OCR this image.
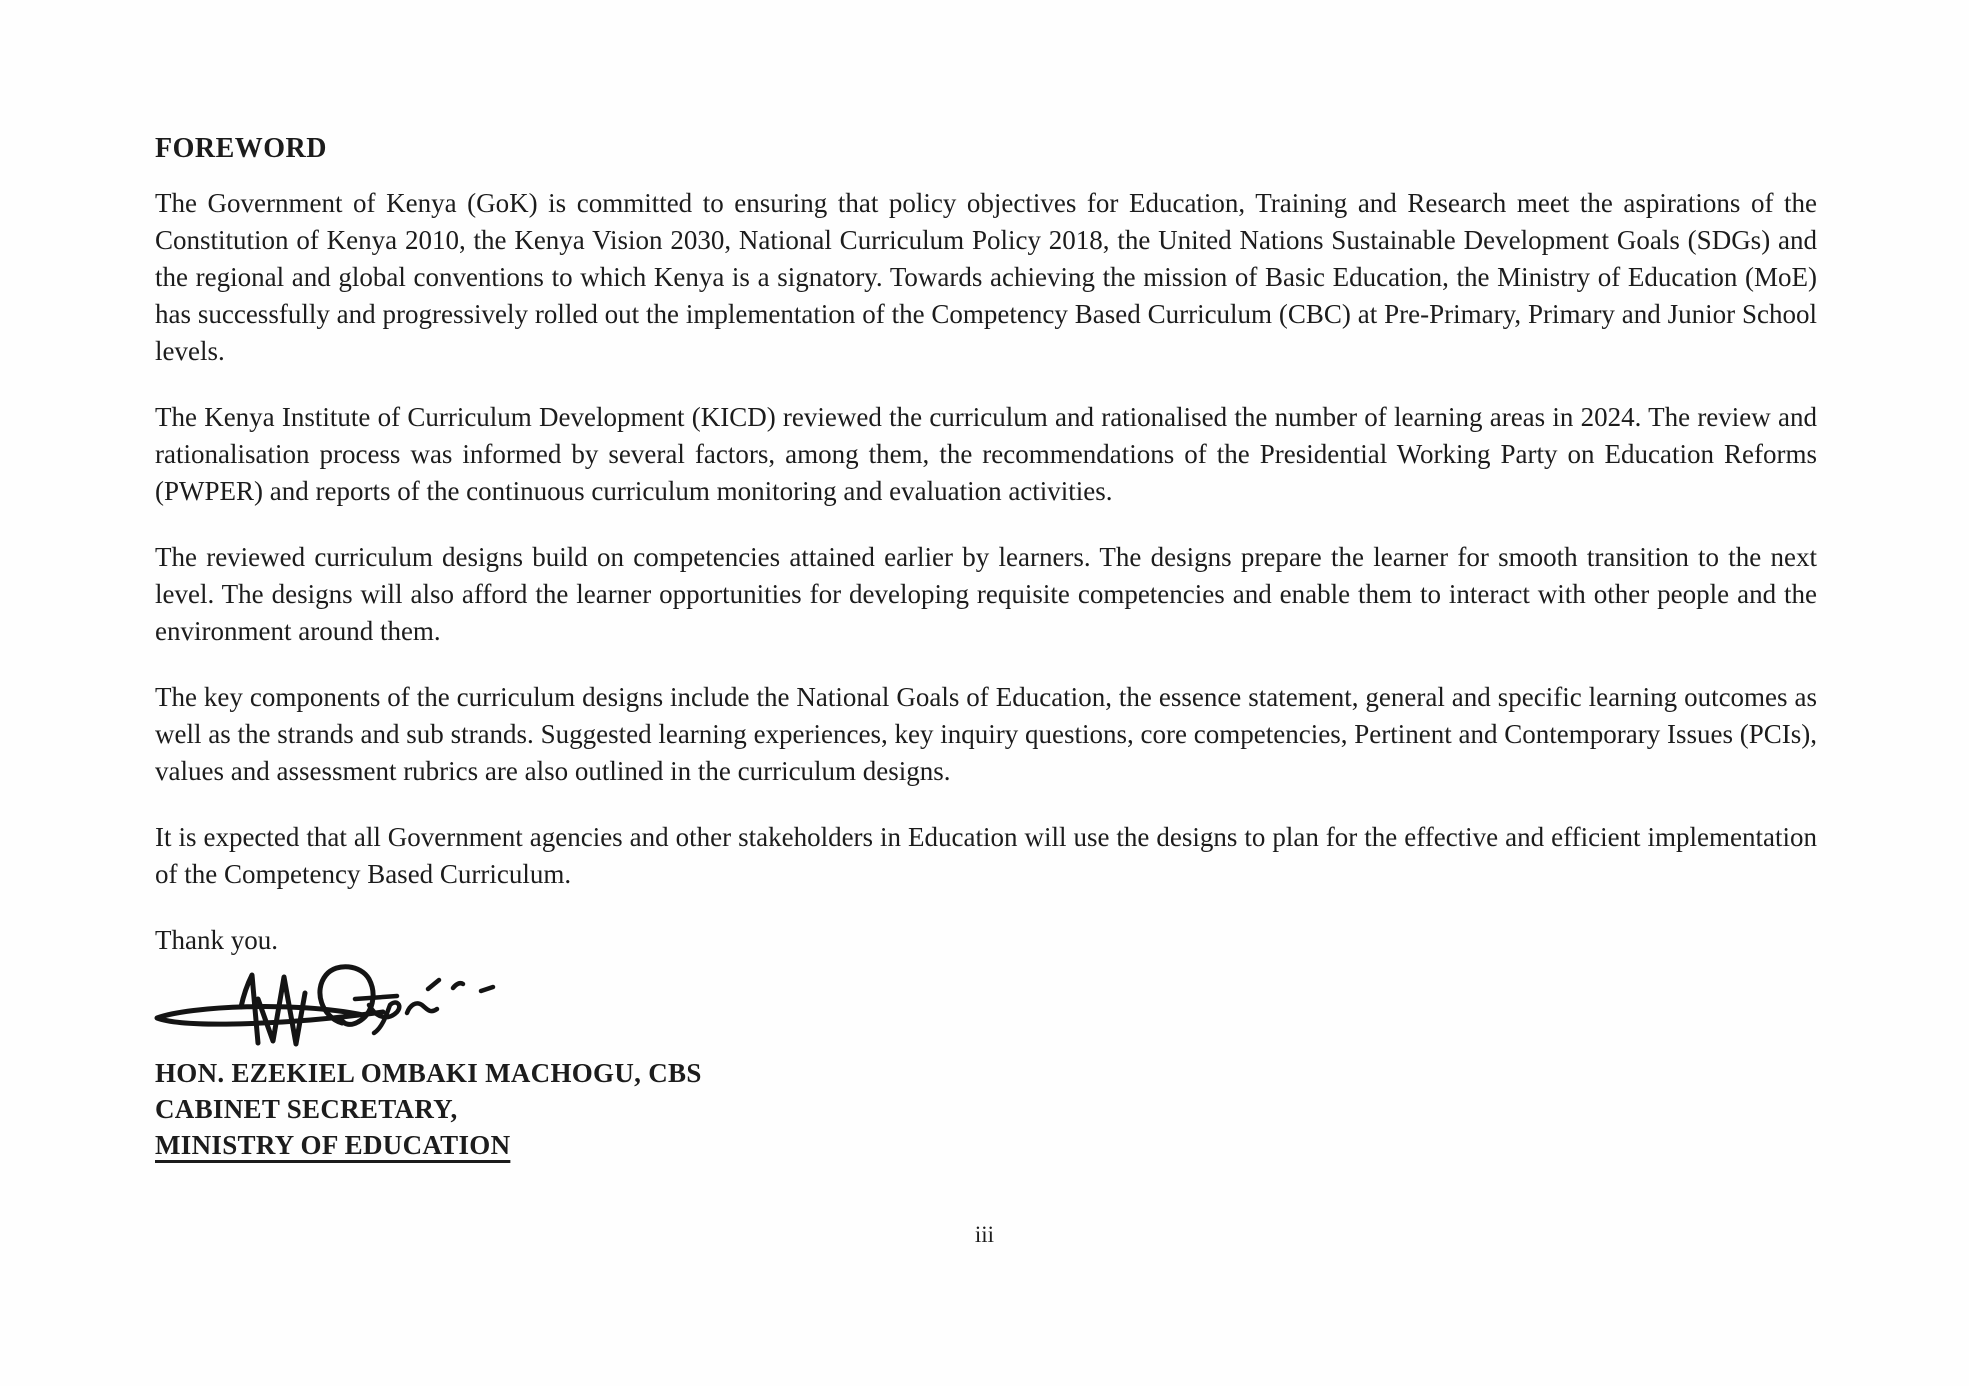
FOREWORD

The Government of Kenya (GoK) is committed to ensuring that policy objectives for Education, Training and Research meet the aspirations of the Constitution of Kenya 2010, the Kenya Vision 2030, National Curriculum Policy 2018, the United Nations Sustainable Development Goals (SDGs) and the regional and global conventions to which Kenya is a signatory. Towards achieving the mission of Basic Education, the Ministry of Education (MoE) has successfully and progressively rolled out the implementation of the Competency Based Curriculum (CBC) at Pre-Primary, Primary and Junior School levels.

The Kenya Institute of Curriculum Development (KICD) reviewed the curriculum and rationalised the number of learning areas in 2024. The review and rationalisation process was informed by several factors, among them, the recommendations of the Presidential Working Party on Education Reforms (PWPER) and reports of the continuous curriculum monitoring and evaluation activities.

The reviewed curriculum designs build on competencies attained earlier by learners. The designs prepare the learner for smooth transition to the next level. The designs will also afford the learner opportunities for developing requisite competencies and enable them to interact with other people and the environment around them.

The key components of the curriculum designs include the National Goals of Education, the essence statement, general and specific learning outcomes as well as the strands and sub strands. Suggested learning experiences, key inquiry questions, core competencies, Pertinent and Contemporary Issues (PCIs), values and assessment rubrics are also outlined in the curriculum designs.

It is expected that all Government agencies and other stakeholders in Education will use the designs to plan for the effective and efficient implementation of the Competency Based Curriculum.

Thank you.

HON. EZEKIEL OMBAKI MACHOGU, CBS
CABINET SECRETARY,
MINISTRY OF EDUCATION
iii
